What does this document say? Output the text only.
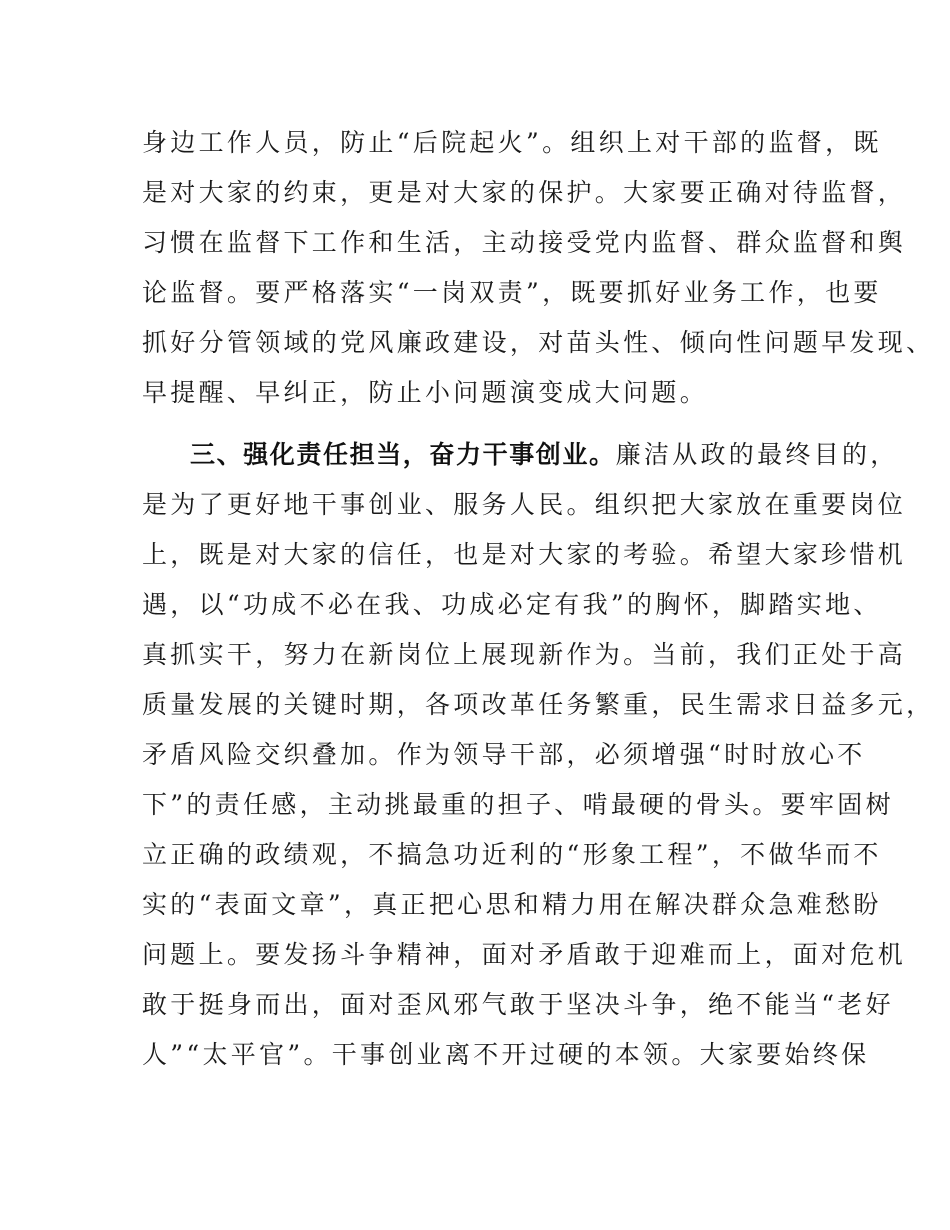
身边工作人员，防止“后院起火”。组织上对干部的监督，既
是对大家的约束，更是对大家的保护。大家要正确对待监督，
习惯在监督下工作和生活，主动接受党内监督、群众监督和舆
论监督。要严格落实“一岗双责”，既要抓好业务工作，也要
抓好分管领域的党风廉政建设，对苗头性、倾向性问题早发现、
早提醒、早纠正，防止小问题演变成大问题。
三、强化责任担当，奋力干事创业。廉洁从政的最终目的，
是为了更好地干事创业、服务人民。组织把大家放在重要岗位
上，既是对大家的信任，也是对大家的考验。希望大家珍惜机
遇，以“功成不必在我、功成必定有我”的胸怀，脚踏实地、
真抓实干，努力在新岗位上展现新作为。当前，我们正处于高
质量发展的关键时期，各项改革任务繁重，民生需求日益多元，
矛盾风险交织叠加。作为领导干部，必须增强“时时放心不
下”的责任感，主动挑最重的担子、啃最硬的骨头。要牢固树
立正确的政绩观，不搞急功近利的“形象工程”，不做华而不
实的“表面文章”，真正把心思和精力用在解决群众急难愁盼
问题上。要发扬斗争精神，面对矛盾敢于迎难而上，面对危机
敢于挺身而出，面对歪风邪气敢于坚决斗争，绝不能当“老好
人”“太平官”。干事创业离不开过硬的本领。大家要始终保
